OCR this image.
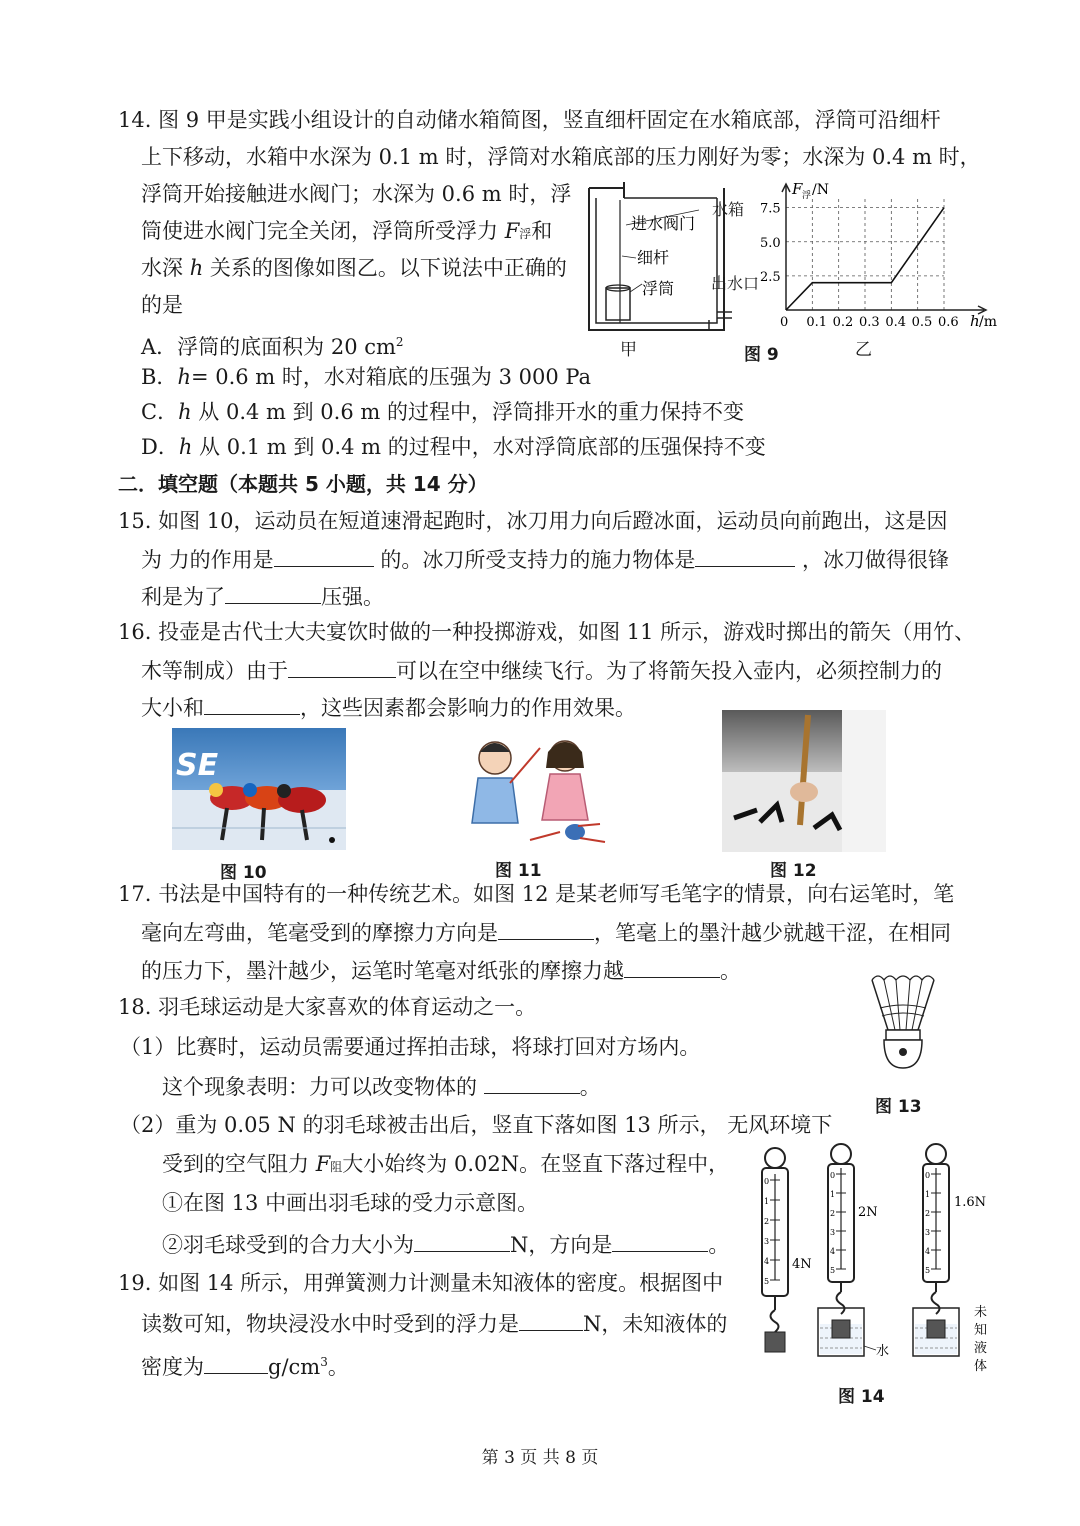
14. 图 9 甲是实践小组设计的自动储水箱简图，竖直细杆固定在水箱底部，浮筒可沿细杆
上下移动，水箱中水深为 0.1 m 时，浮筒对水箱底部的压力刚好为零；水深为 0.4 m 时，
浮筒开始接触进水阀门；水深为 0.6 m 时，浮
筒使进水阀门完全关闭，浮筒所受浮力 F浮和
水深 h 关系的图像如图乙。以下说法中正确的
的是
A．浮筒的底面积为 20 $cm^2$
B．h= 0.6 m 时，水对箱底的压强为 3 000 Pa
C．h 从 0.4 m 到 0.6 m 的过程中，浮筒排开水的重力保持不变
D．h 从 0.1 m 到 0.4 m 的过程中，水对浮筒底部的压强保持不变
进水阀门
细杆
浮筒
水箱
出水口
甲	乙
图 9
0 0.1 0.2 0.3 0.4 0.5 0.6
2.5
5.0
7.5
F 浮 /N
h /m
二．填空题（本题共 5 小题，共 14 分）
15. 如图 10，运动员在短道速滑起跑时，冰刀用力向后蹬冰面，运动员向前跑出，这是因
为 力的作用是	的。冰刀所受支持力的施力物体是	，冰刀做得很锋
利是为了	压强。
16. 投壶是古代士大夫宴饮时做的一种投掷游戏，如图 11 所示，游戏时掷出的箭矢（用竹、
木等制成）由于	可以在空中继续飞行。为了将箭矢投入壶内，必须控制力的
大小和	，这些因素都会影响力的作用效果。
SE
图 10	图 11	图 12
17. 书法是中国特有的一种传统艺术。如图 12 是某老师写毛笔字的情景，向右运笔时，笔
毫向左弯曲，笔毫受到的摩擦力方向是	，笔毫上的墨汁越少就越干涩，在相同
的压力下，墨汁越少，运笔时笔毫对纸张的摩擦力越	。
18. 羽毛球运动是大家喜欢的体育运动之一。
（1）比赛时，运动员需要通过挥拍击球，将球打回对方场内。
这个现象表明：力可以改变物体的	。
（2）重为 0.05 N 的羽毛球被击出后，竖直下落如图 13 所示， 无风环境下
受到的空气阻力 F阻大小始终为 0.02N。在竖直下落过程中，
①在图 13 中画出羽毛球的受力示意图。
②羽毛球受到的合力大小为	N，方向是	。
图 13
19. 如图 14 所示，用弹簧测力计测量未知液体的密度。根据图中
读数可知，物块浸没水中时受到的浮力是	N，未知液体的
密度为	$g/cm^3$。
0
1
2
3
4
5
4N
0
1
2
3
4
5
水
2N
0
1
2
3
4
5
1.6N
未
知
液
体
图 14
第 3 页 共 8 页
